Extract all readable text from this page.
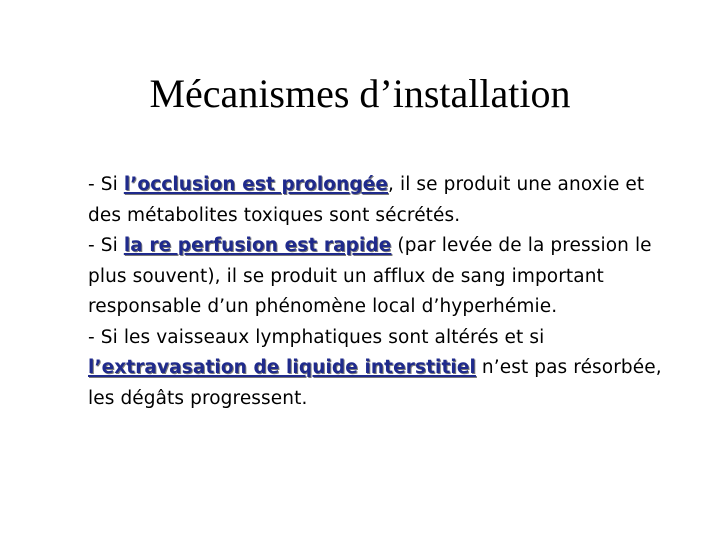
Mécanismes d’installation
- Si l’occlusion est prolongée, il se produit une anoxie et des métabolites toxiques sont sécrétés.
- Si la re perfusion est rapide (par levée de la pression le plus souvent), il se produit un afflux de sang important responsable d’un phénomène local d’hyperhémie.
- Si les vaisseaux lymphatiques sont altérés et si l’extravasation de liquide interstitiel n’est pas résorbée, les dégâts progressent.
